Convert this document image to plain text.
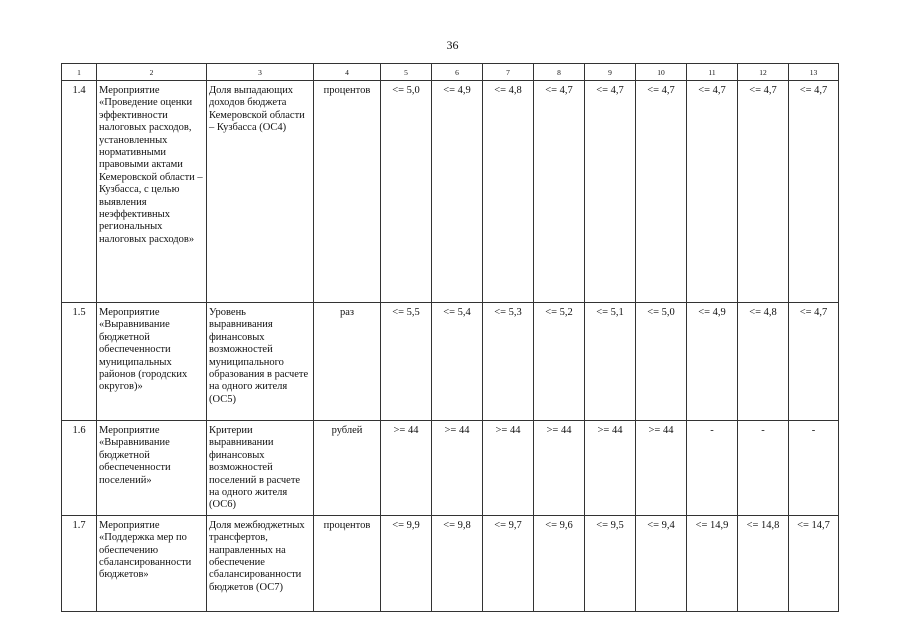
36
1	2	3	4	5	6	7	8	9	10	11	12	13
1.4	Мероприятие «Проведение оценки эффективности налоговых расходов, установленных нормативными правовыми актами Кемеровской области – Кузбасса, с целью выявления неэффективных региональных налоговых расходов»	Доля выпадающих доходов бюджета Кемеровской области – Кузбасса (ОС4)	процентов	<= 5,0	<= 4,9	<= 4,8	<= 4,7	<= 4,7	<= 4,7	<= 4,7	<= 4,7	<= 4,7
1.5	Мероприятие «Выравнивание бюджетной обеспеченности муниципальных районов (городских округов)»	Уровень выравнивания финансовых возможностей муниципального образования в расчете на одного жителя (ОС5)	раз	<= 5,5	<= 5,4	<= 5,3	<= 5,2	<= 5,1	<= 5,0	<= 4,9	<= 4,8	<= 4,7
1.6	Мероприятие «Выравнивание бюджетной обеспеченности поселений»	Критерии выравнивании финансовых возможностей поселений в расчете на одного жителя (ОС6)	рублей	>= 44	>= 44	>= 44	>= 44	>= 44	>= 44	-	-	-
1.7	Мероприятие «Поддержка мер по обеспечению сбалансированности бюджетов»	Доля межбюджетных трансфертов, направленных на обеспечение сбалансированности бюджетов (ОС7)	процентов	<= 9,9	<= 9,8	<= 9,7	<= 9,6	<= 9,5	<= 9,4	<= 14,9	<= 14,8	<= 14,7
